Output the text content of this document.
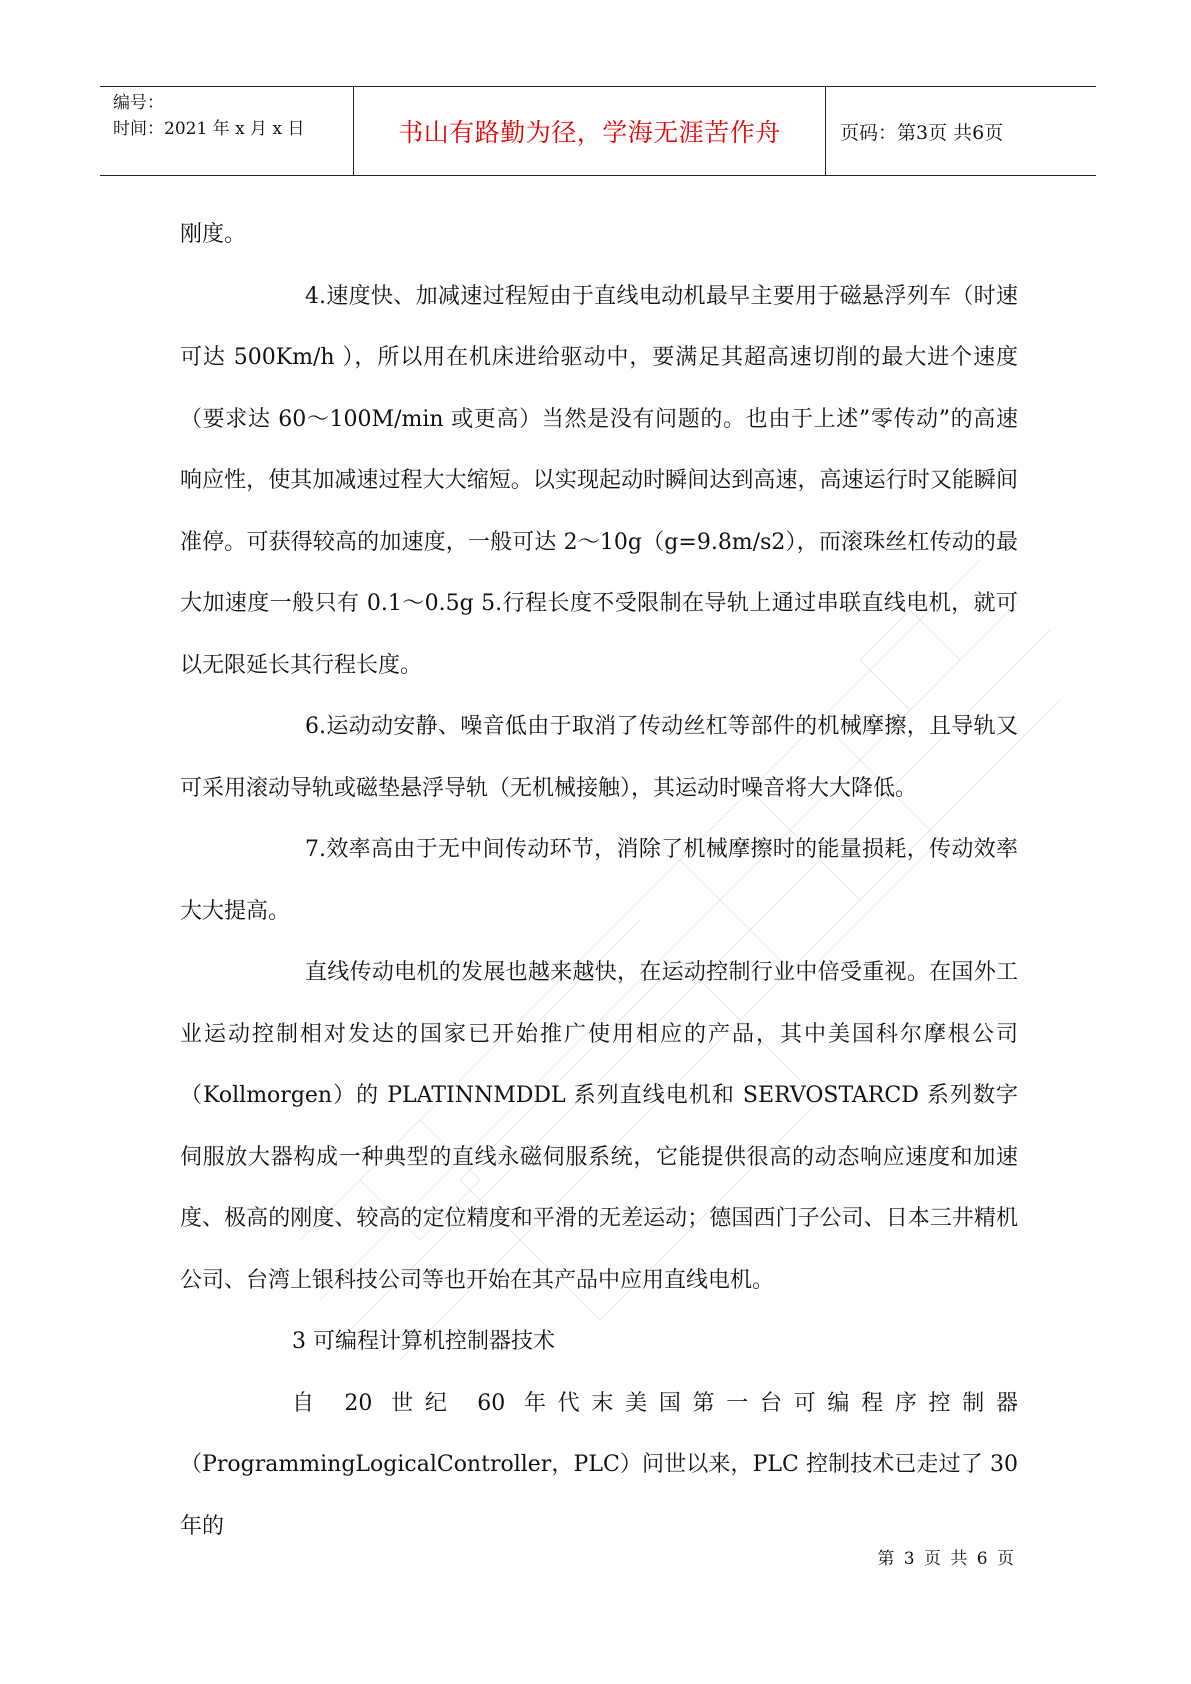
编号：
时间：2021 年 x 月 x 日	书山有路勤为径，学海无涯苦作舟	页码：第3页 共6页

刚度。

4.速度快、加减速过程短由于直线电动机最早主要用于磁悬浮列车（时速可达 500Km/h ），所以用在机床进给驱动中，要满足其超高速切削的最大进个速度（要求达 60～100M/min 或更高）当然是没有问题的。也由于上述”零传动”的高速响应性，使其加减速过程大大缩短。以实现起动时瞬间达到高速，高速运行时又能瞬间准停。可获得较高的加速度，一般可达 2～10g（g=9.8m/s2），而滚珠丝杠传动的最大加速度一般只有 0.1～0.5g 5.行程长度不受限制在导轨上通过串联直线电机，就可以无限延长其行程长度。

6.运动动安静、噪音低由于取消了传动丝杠等部件的机械摩擦，且导轨又可采用滚动导轨或磁垫悬浮导轨（无机械接触），其运动时噪音将大大降低。

7.效率高由于无中间传动环节，消除了机械摩擦时的能量损耗，传动效率大大提高。

直线传动电机的发展也越来越快，在运动控制行业中倍受重视。在国外工业运动控制相对发达的国家已开始推广使用相应的产品，其中美国科尔摩根公司（Kollmorgen）的 PLATINNMDDL 系列直线电机和 SERVOSTARCD 系列数字伺服放大器构成一种典型的直线永磁伺服系统，它能提供很高的动态响应速度和加速度、极高的刚度、较高的定位精度和平滑的无差运动；德国西门子公司、日本三井精机公司、台湾上银科技公司等也开始在其产品中应用直线电机。

3 可编程计算机控制器技术

自 20 世纪 60 年代末美国第一台可编程序控制器

（ProgrammingLogicalController，PLC）问世以来，PLC 控制技术已走过了 30 年的

第 3 页 共 6 页
